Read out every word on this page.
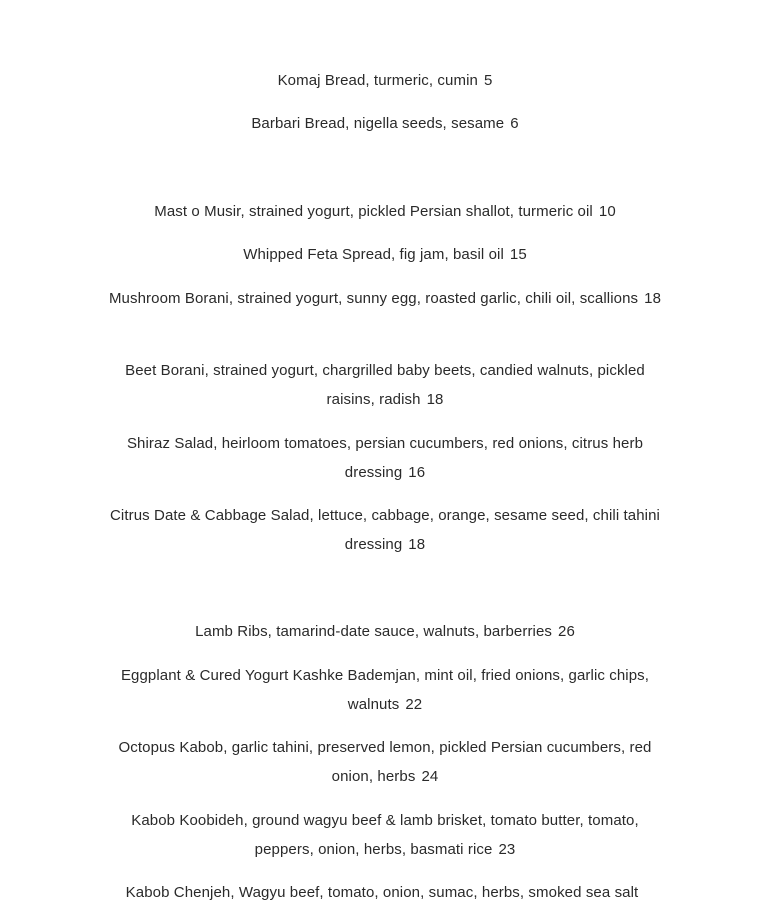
Komaj Bread, turmeric, cumin 5
Barbari Bread, nigella seeds, sesame 6
Mast o Musir, strained yogurt, pickled Persian shallot, turmeric oil 10
Whipped Feta Spread, fig jam, basil oil 15
Mushroom Borani, strained yogurt, sunny egg, roasted garlic, chili oil, scallions 18
Beet Borani, strained yogurt, chargrilled baby beets, candied walnuts, pickled raisins, radish 18
Shiraz Salad, heirloom tomatoes, persian cucumbers, red onions, citrus herb dressing 16
Citrus Date & Cabbage Salad, lettuce, cabbage, orange, sesame seed, chili tahini dressing 18
Lamb Ribs, tamarind-date sauce, walnuts, barberries 26
Eggplant & Cured Yogurt Kashke Bademjan, mint oil, fried onions, garlic chips, walnuts 22
Octopus Kabob, garlic tahini, preserved lemon, pickled Persian cucumbers, red onion, herbs 24
Kabob Koobideh, ground wagyu beef & lamb brisket, tomato butter, tomato, peppers, onion, herbs, basmati rice 23
Kabob Chenjeh, Wagyu beef, tomato, onion, sumac, herbs, smoked sea salt
